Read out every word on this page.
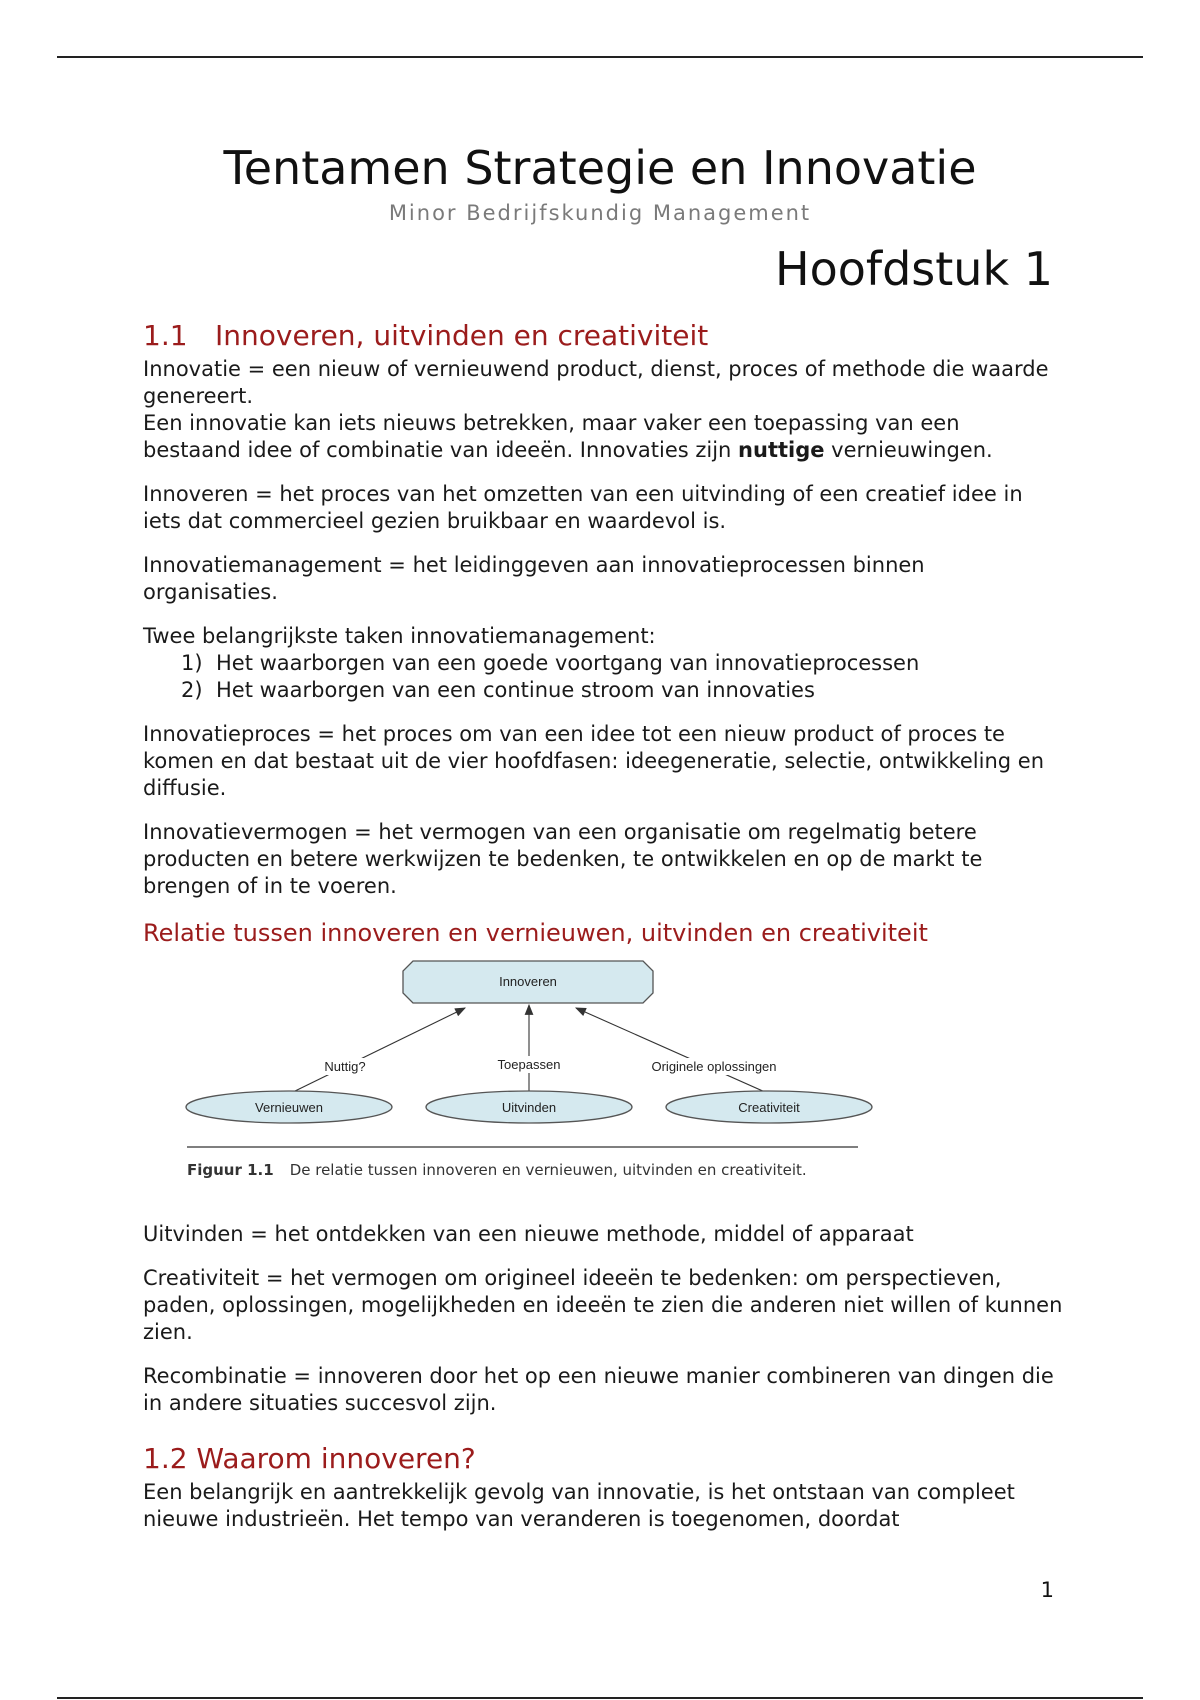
Tentamen Strategie en Innovatie
Minor Bedrijfskundig Management
Hoofdstuk 1
1.1 Innoveren, uitvinden en creativiteit

Innovatie = een nieuw of vernieuwend product, dienst, proces of methode die waarde genereert.

Een innovatie kan iets nieuws betrekken, maar vaker een toepassing van een bestaand idee of combinatie van ideeën. Innovaties zijn nuttige vernieuwingen.

Innoveren = het proces van het omzetten van een uitvinding of een creatief idee in iets dat commercieel gezien bruikbaar en waardevol is.

Innovatiemanagement = het leidinggeven aan innovatieprocessen binnen organisaties.

Twee belangrijkste taken innovatiemanagement:

1) Het waarborgen van een goede voortgang van innovatieprocessen
2) Het waarborgen van een continue stroom van innovaties

Innovatieproces = het proces om van een idee tot een nieuw product of proces te komen en dat bestaat uit de vier hoofdfasen: ideegeneratie, selectie, ontwikkeling en diffusie.

Innovatievermogen = het vermogen van een organisatie om regelmatig betere producten en betere werkwijzen te bedenken, te ontwikkelen en op de markt te brengen of in te voeren.

Relatie tussen innoveren en vernieuwen, uitvinden en creativiteit
Innoveren
Nuttig?	Toepassen	Originele oplossingen
Vernieuwen	Uitvinden	Creativiteit
Figuur 1.1 De relatie tussen innoveren en vernieuwen, uitvinden en creativiteit.

Uitvinden = het ontdekken van een nieuwe methode, middel of apparaat

Creativiteit = het vermogen om origineel ideeën te bedenken: om perspectieven, paden, oplossingen, mogelijkheden en ideeën te zien die anderen niet willen of kunnen zien.

Recombinatie = innoveren door het op een nieuwe manier combineren van dingen die in andere situaties succesvol zijn.

1.2 Waarom innoveren?

Een belangrijk en aantrekkelijk gevolg van innovatie, is het ontstaan van compleet nieuwe industrieën. Het tempo van veranderen is toegenomen, doordat

1
